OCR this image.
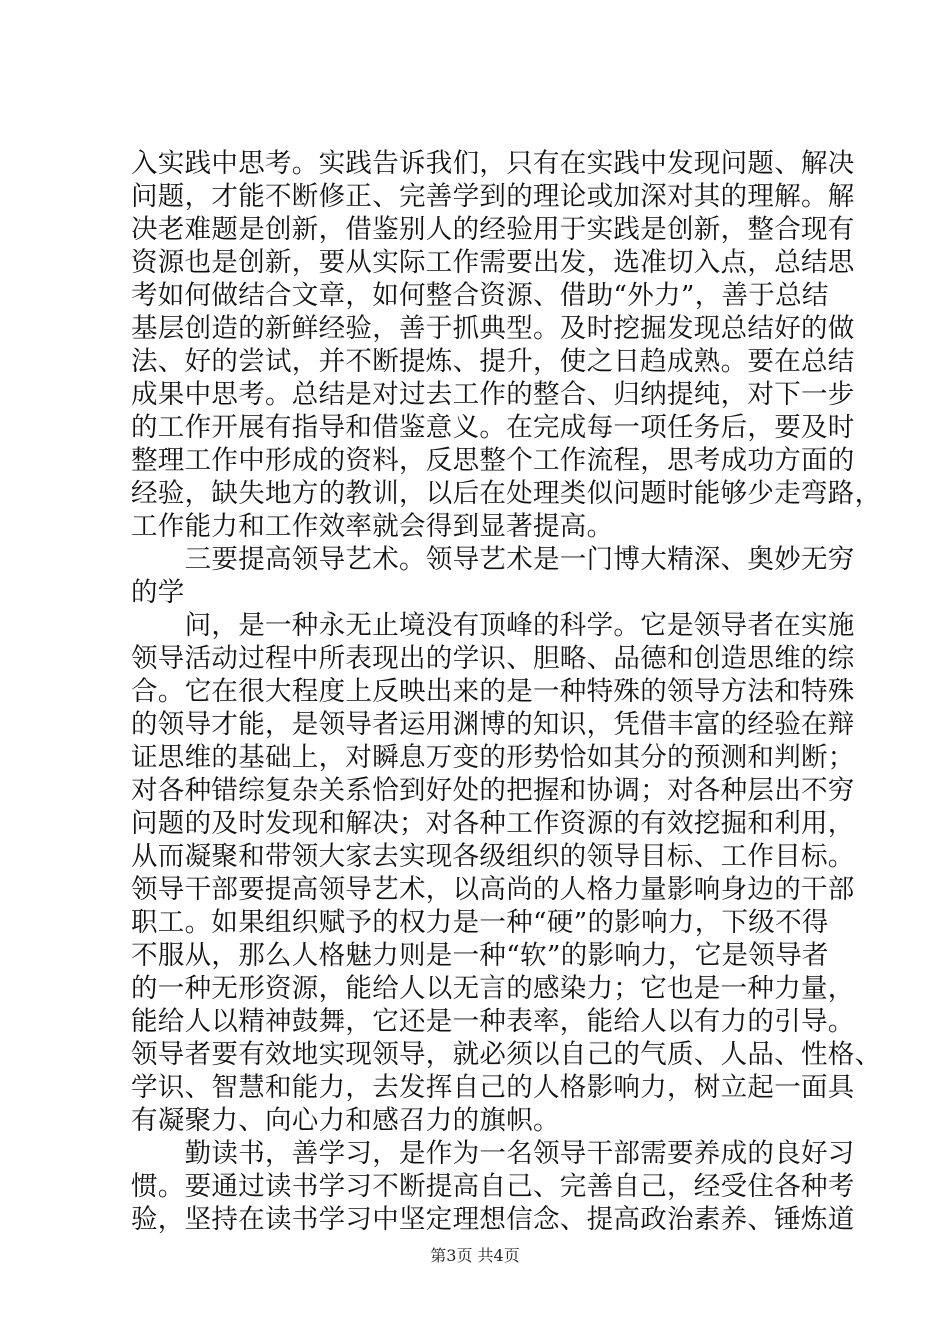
入实践中思考。实践告诉我们，只有在实践中发现问题、解决
问题，才能不断修正、完善学到的理论或加深对其的理解。解
决老难题是创新，借鉴别人的经验用于实践是创新，整合现有
资源也是创新，要从实际工作需要出发，选准切入点，总结思
考如何做结合文章，如何整合资源、借助“外力”，善于总结
基层创造的新鲜经验，善于抓典型。及时挖掘发现总结好的做
法、好的尝试，并不断提炼、提升，使之日趋成熟。要在总结
成果中思考。总结是对过去工作的整合、归纳提纯，对下一步
的工作开展有指导和借鉴意义。在完成每一项任务后，要及时
整理工作中形成的资料，反思整个工作流程，思考成功方面的
经验，缺失地方的教训，以后在处理类似问题时能够少走弯路，
工作能力和工作效率就会得到显著提高。
　　三要提高领导艺术。领导艺术是一门博大精深、奥妙无穷
的学
　　问，是一种永无止境没有顶峰的科学。它是领导者在实施
领导活动过程中所表现出的学识、胆略、品德和创造思维的综
合。它在很大程度上反映出来的是一种特殊的领导方法和特殊
的领导才能，是领导者运用渊博的知识，凭借丰富的经验在辩
证思维的基础上，对瞬息万变的形势恰如其分的预测和判断；
对各种错综复杂关系恰到好处的把握和协调；对各种层出不穷
问题的及时发现和解决；对各种工作资源的有效挖掘和利用，
从而凝聚和带领大家去实现各级组织的领导目标、工作目标。
领导干部要提高领导艺术，以高尚的人格力量影响身边的干部
职工。如果组织赋予的权力是一种“硬”的影响力，下级不得
不服从，那么人格魅力则是一种“软”的影响力，它是领导者
的一种无形资源，能给人以无言的感染力；它也是一种力量，
能给人以精神鼓舞，它还是一种表率，能给人以有力的引导。
领导者要有效地实现领导，就必须以自己的气质、人品、性格、
学识、智慧和能力，去发挥自己的人格影响力，树立起一面具
有凝聚力、向心力和感召力的旗帜。
　　勤读书，善学习，是作为一名领导干部需要养成的良好习
惯。要通过读书学习不断提高自己、完善自己，经受住各种考
验，坚持在读书学习中坚定理想信念、提高政治素养、锤炼道
第3页 共4页
